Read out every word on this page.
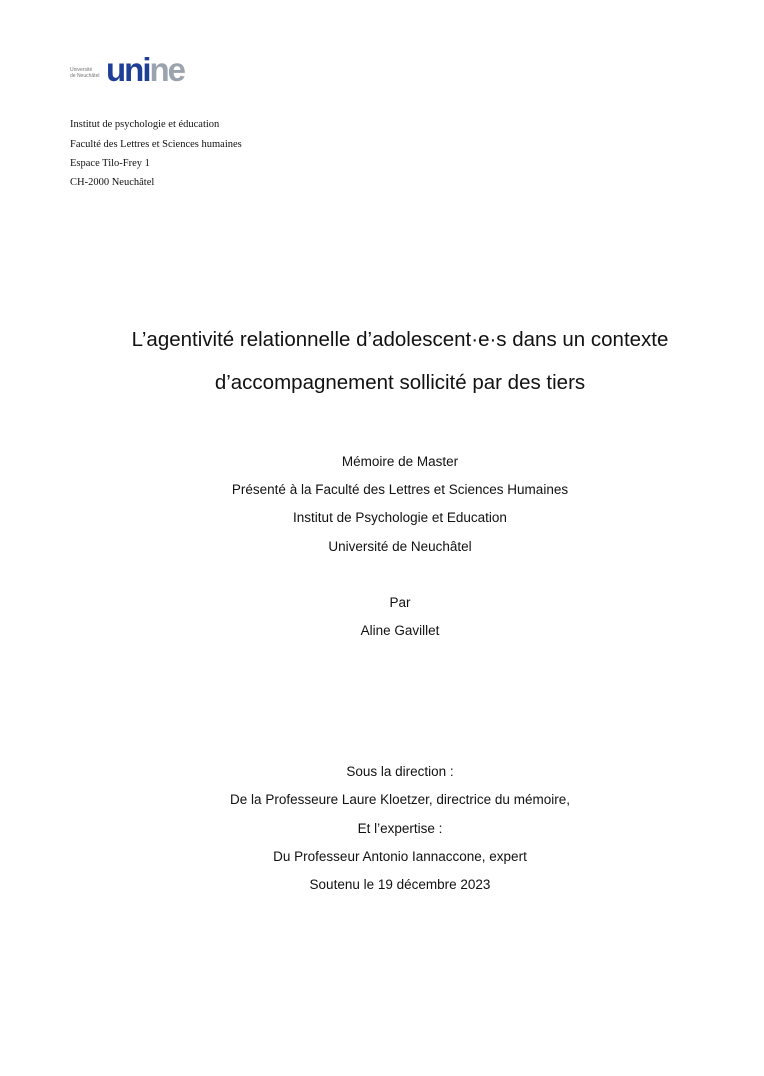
Université
de Neuchâtel unine
Institut de psychologie et éducation
Faculté des Lettres et Sciences humaines
Espace Tilo-Frey 1
CH-2000 Neuchâtel
L’agentivité relationnelle d’adolescent·e·s dans un contexte
d’accompagnement sollicité par des tiers
Mémoire de Master
Présenté à la Faculté des Lettres et Sciences Humaines
Institut de Psychologie et Education
Université de Neuchâtel
Par
Aline Gavillet
Sous la direction :
De la Professeure Laure Kloetzer, directrice du mémoire,
Et l’expertise :
Du Professeur Antonio Iannaccone, expert
Soutenu le 19 décembre 2023
